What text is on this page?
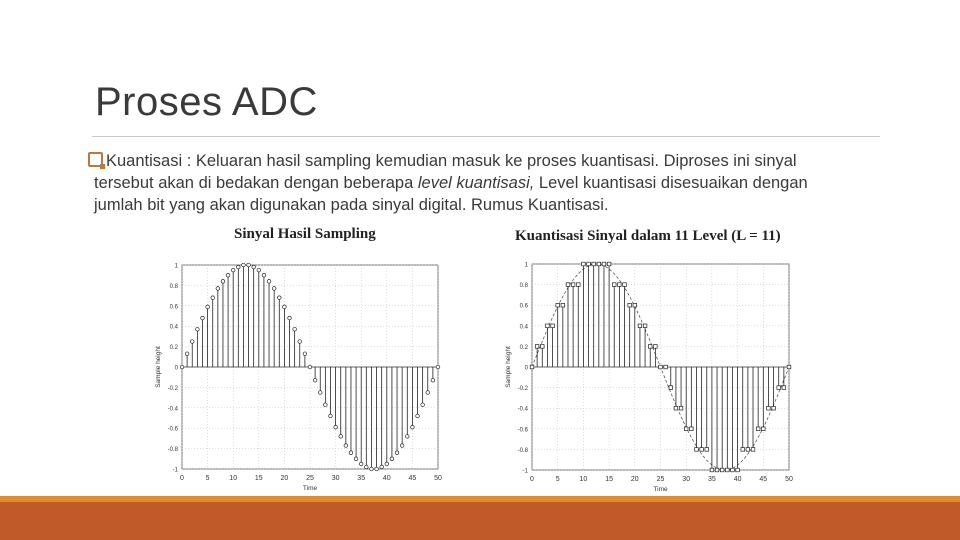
Proses ADC
Kuantisasi : Keluaran hasil sampling kemudian masuk ke proses kuantisasi. Diproses ini sinyal
tersebut akan di bedakan dengan beberapa level kuantisasi, Level kuantisasi disesuaikan dengan
jumlah bit yang akan digunakan pada sinyal digital. Rumus Kuantisasi.
Sinyal Hasil Sampling
0	5	10	15	20	25	30	35	40	45	50
1
0.8
0.6
0.4
0.2
0
-0.2
-0.4
-0.6
-0.8
-1
Time
Sample height
Kuantisasi Sinyal dalam 11 Level (L = 11)
0	5	10	15	20	25	30	35	40	45	50
1
0.8
0.6
0.4
0.2
0
-0.2
-0.4
-0.6
-0.8
-1
Time
Sample height
